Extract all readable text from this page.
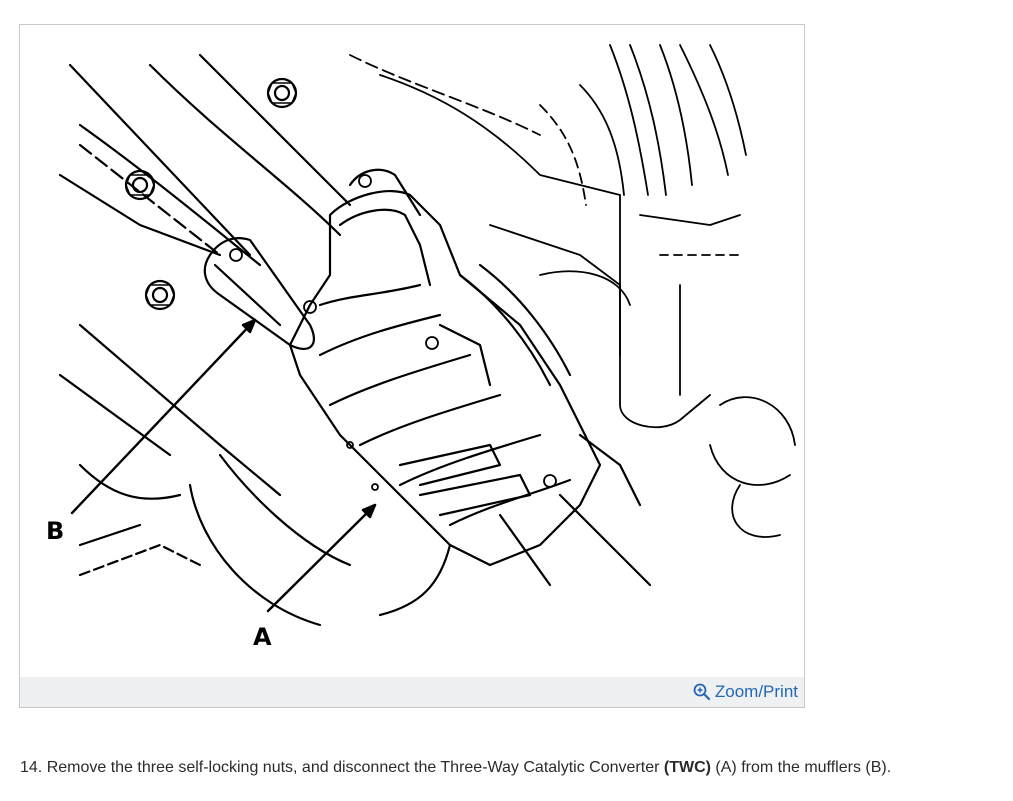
B
A
Zoom/Print
14. Remove the three self-locking nuts, and disconnect the Three-Way Catalytic Converter (TWC) (A) from the mufflers (B).
